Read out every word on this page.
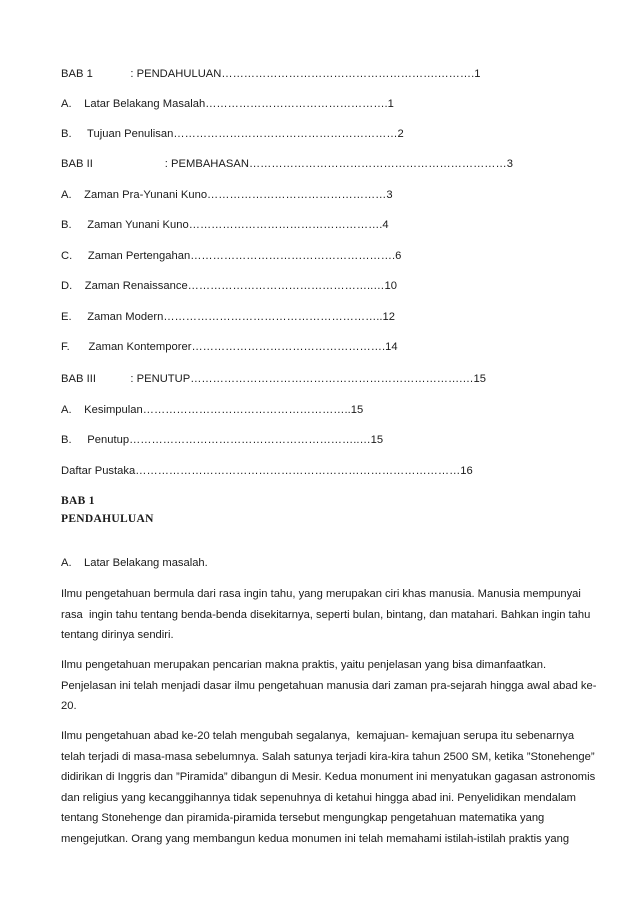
BAB 1            : PENDAHULUAN………………………………………………….……….1
A.    Latar Belakang Masalah………………………………………….1
B.     Tujuan Penulisan……………………………………………………2
BAB II                       : PEMBAHASAN……………………………………………………………3
A.    Zaman Pra-Yunani Kuno…………………………………………3
B.     Zaman Yunani Kuno…………………………………………….4
C.     Zaman Pertengahan……………………………………………….6
D.    Zaman Renaissance…………………………………………..…10
E.     Zaman Modern…………………………………………………..12
F.      Zaman Kontemporer…………………………………………….14
BAB III           : PENUTUP……………………………………………………………….…15
A.    Kesimpulan………………………………………………..15
B.     Penutup……………………………………………………..…15
Daftar Pustaka……………………………………………………………………………16
BAB 1
PENDAHULUAN
A.    Latar Belakang masalah.
Ilmu pengetahuan bermula dari rasa ingin tahu, yang merupakan ciri khas manusia. Manusia mempunyai
rasa  ingin tahu tentang benda-benda disekitarnya, seperti bulan, bintang, dan matahari. Bahkan ingin tahu
tentang dirinya sendiri.
Ilmu pengetahuan merupakan pencarian makna praktis, yaitu penjelasan yang bisa dimanfaatkan.
Penjelasan ini telah menjadi dasar ilmu pengetahuan manusia dari zaman pra-sejarah hingga awal abad ke-
20.
Ilmu pengetahuan abad ke-20 telah mengubah segalanya,  kemajuan- kemajuan serupa itu sebenarnya
telah terjadi di masa-masa sebelumnya. Salah satunya terjadi kira-kira tahun 2500 SM, ketika ”Stonehenge”
didirikan di Inggris dan ”Piramida” dibangun di Mesir. Kedua monument ini menyatukan gagasan astronomis
dan religius yang kecanggihannya tidak sepenuhnya di ketahui hingga abad ini. Penyelidikan mendalam
tentang Stonehenge dan piramida-piramida tersebut mengungkap pengetahuan matematika yang
mengejutkan. Orang yang membangun kedua monumen ini telah memahami istilah-istilah praktis yang
